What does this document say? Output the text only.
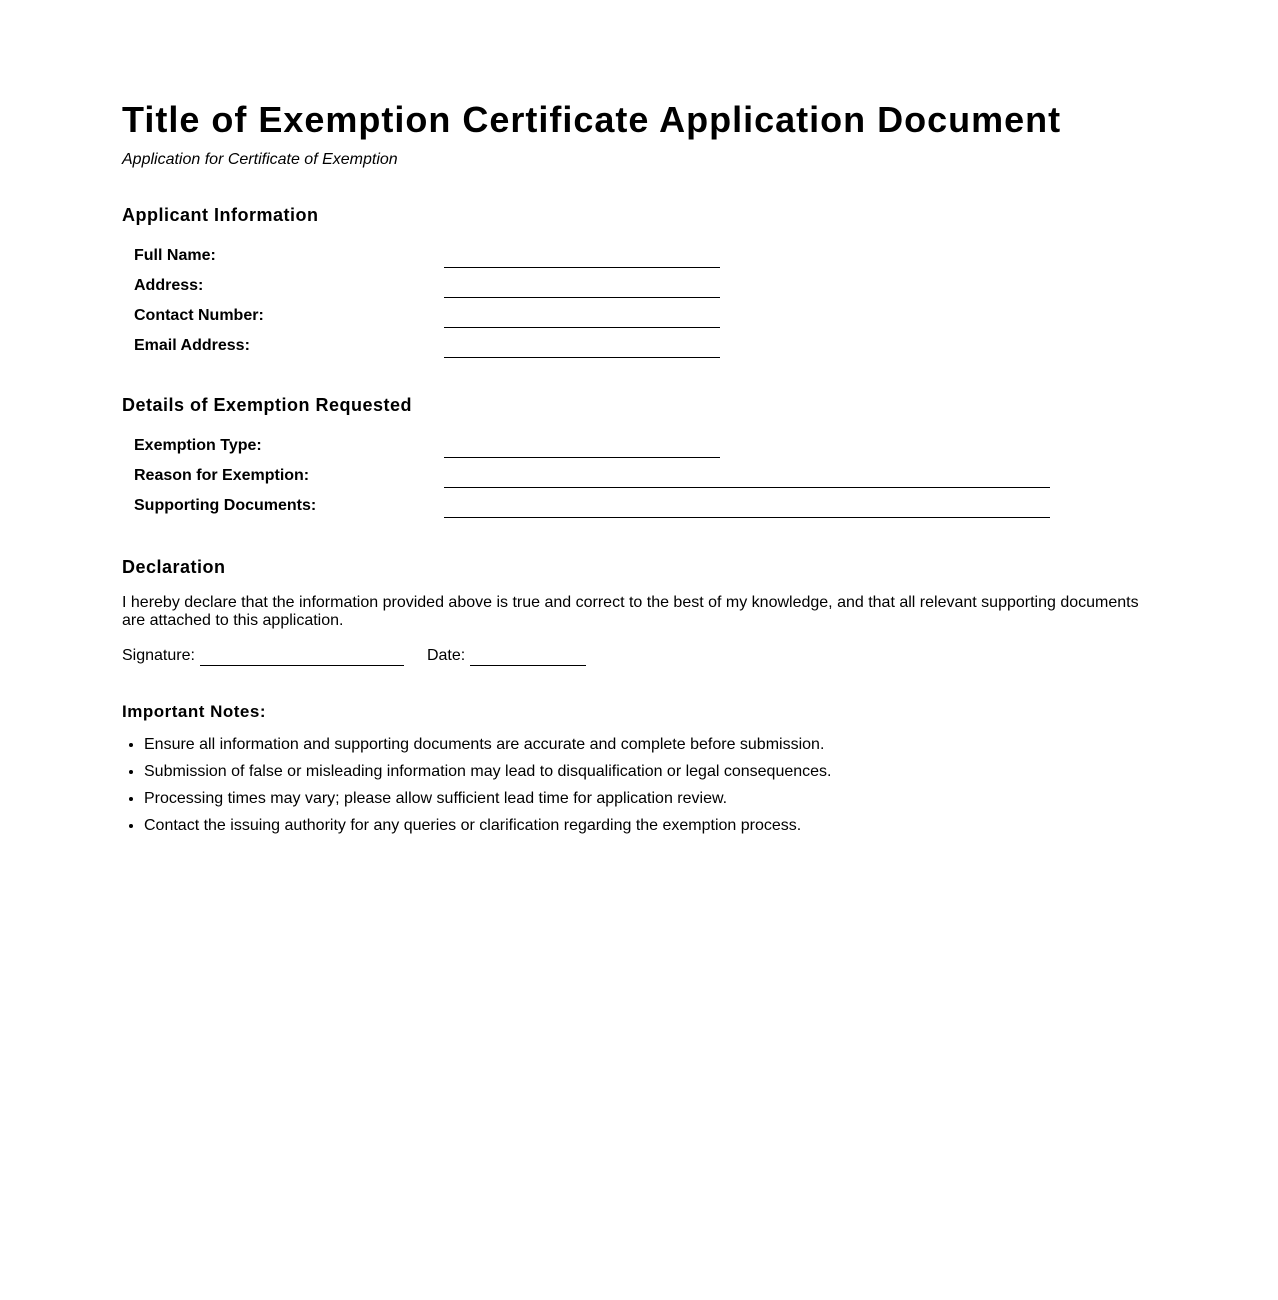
Title of Exemption Certificate Application Document

Application for Certificate of Exemption

Applicant Information
Full Name:
Address:
Contact Number:
Email Address:
Details of Exemption Requested
Exemption Type:
Reason for Exemption:
Supporting Documents:
Declaration

I hereby declare that the information provided above is true and correct to the best of my knowledge, and that all relevant supporting documents are attached to this application.

Signature:	Date:
Important Notes:
• Ensure all information and supporting documents are accurate and complete before submission.
• Submission of false or misleading information may lead to disqualification or legal consequences.
• Processing times may vary; please allow sufficient lead time for application review.
• Contact the issuing authority for any queries or clarification regarding the exemption process.
